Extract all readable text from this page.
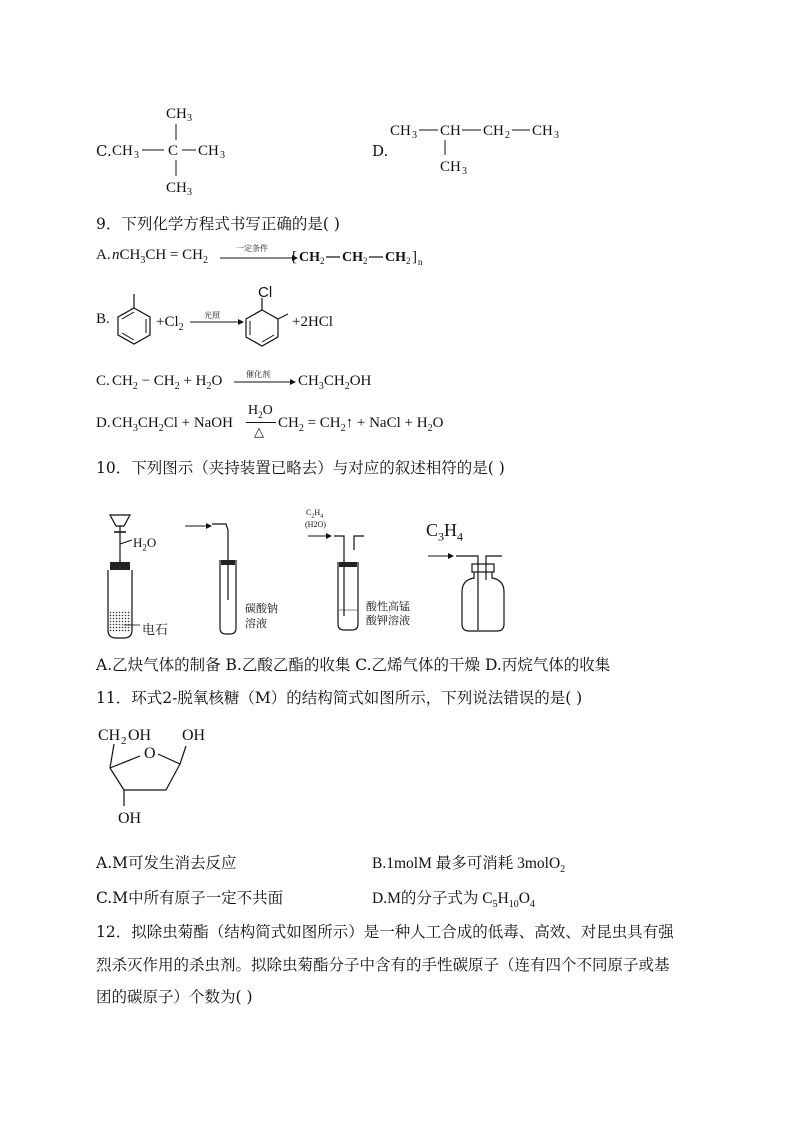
C.
CH 3
CH 3 C CH 3
CH 3
D.
CH 3 CH CH 2 CH 3
CH 3
9．下列化学方程式书写正确的是( )
A. $nCH_3CH = CH_2$
一定条件
[ CH 2 CH 2 CH 2 ] n
B.	$+Cl_2$ →
光照
Cl
+2HCl
C. $CH_2 - CH_2 + H_2O$	催化剂 $CH_3CH_2OH$
D. $CH_3CH_2Cl$ + NaOH
$H_2O$
△
$CH_2$ = $CH_2↑$ + NaCl + $H_2O$
10．下列图示（夹持装置已略去）与对应的叙述相符的是( )
$H_2O$
电石
碳酸钠
溶液
$C_2H_4$
(H2O)
酸性高锰
酸钾溶液
$C_3H_4$
A.乙炔气体的制备 B.乙酸乙酯的收集 C.乙烯气体的干燥 D.丙烷气体的收集
11．环式2-脱氧核糖（M）的结构简式如图所示，下列说法错误的是( )
CH 2 OH
O
OH
OH
A.M可发生消去反应	B.1molM 最多可消耗 3molO$_2$
C.M中所有原子一定不共面	D.M的分子式为 $C_5H_{10}O_4$
12．拟除虫菊酯（结构简式如图所示）是一种人工合成的低毒、高效、对昆虫具有强
烈杀灭作用的杀虫剂。拟除虫菊酯分子中含有的手性碳原子（连有四个不同原子或基
团的碳原子）个数为( )
